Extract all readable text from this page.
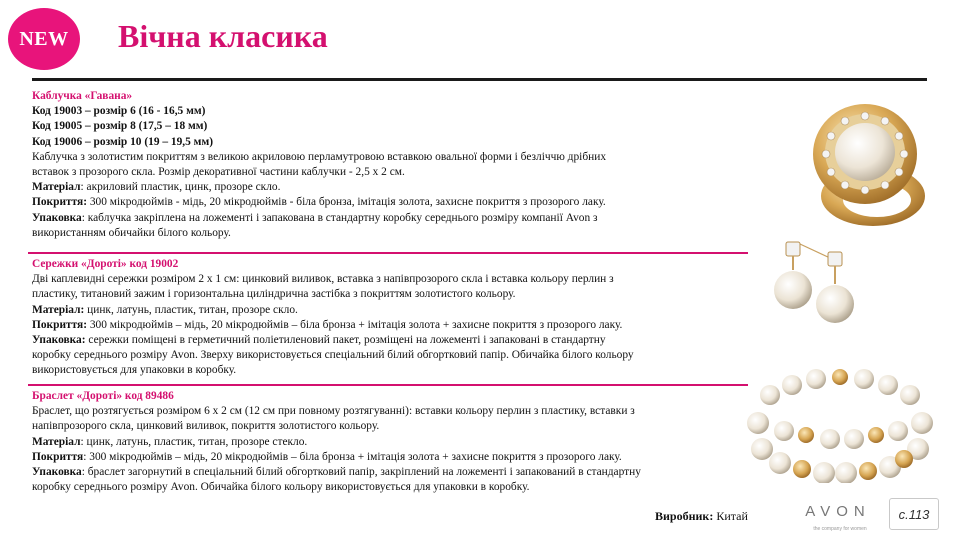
NEW Вічна класика
Каблучка «Гавана»
Код 19003 – розмір 6 (16 - 16,5 мм)
Код 19005 – розмір 8 (17,5 – 18 мм)
Код 19006 – розмір 10 (19 – 19,5 мм)
Каблучка з золотистим покриттям з великою акриловою перламутровою вставкою овальної форми і безліччю дрібних
вставок з прозорого скла. Розмір декоративної частини каблучки - 2,5 х 2 см.
Матеріал: акриловий пластик, цинк, прозоре скло.
Покриття: 300 мікродюймів - мідь, 20 мікродюймів - біла бронза, імітація золота, захисне покриття з прозорого лаку.
Упаковка: каблучка закріплена на ложементі і запакована в стандартну коробку середнього розміру компанії Avon з
використанням обичайки білого кольору.
Сережки «Дороті» код 19002
Дві каплевидні сережки розміром 2 х 1 см: цинковий виливок, вставка з напівпрозорого скла і вставка кольору перлин з
пластику, титановий зажим і горизонтальна циліндрична застібка з покриттям золотистого кольору.
Матеріал: цинк, латунь, пластик, титан, прозоре скло.
Покриття: 300 мікродюймів – мідь, 20 мікродюймів – біла бронза + імітація золота + захисне покриття з прозорого лаку.
Упаковка: сережки поміщені в герметичний поліетиленовий пакет, розміщені на ложементі і запаковані в стандартну
коробку середнього розміру Avon. Зверху використовується спеціальний білий обгортковий папір. Обичайка білого кольору
використовується для упаковки в коробку.
Браслет «Дороті» код 89486
Браслет, що розтягується розміром 6 х 2 см (12 см при повному розтягуванні): вставки кольору перлин з пластику, вставки з
напівпрозорого скла, цинковий виливок, покриття золотистого кольору.
Матеріал: цинк, латунь, пластик, титан, прозоре стекло.
Покриття: 300 мікродюймів – мідь, 20 мікродюймів – біла бронза + імітація золота + захисне покриття з прозорого лаку.
Упаковка: браслет загорнутий в спеціальний білий обгортковий папір, закріплений на ложементі і запакований в стандартну
коробку середнього розміру Avon. Обичайка білого кольору використовується для упаковки в коробку.
Виробник: Китай	AVON
the company for women
с.113
